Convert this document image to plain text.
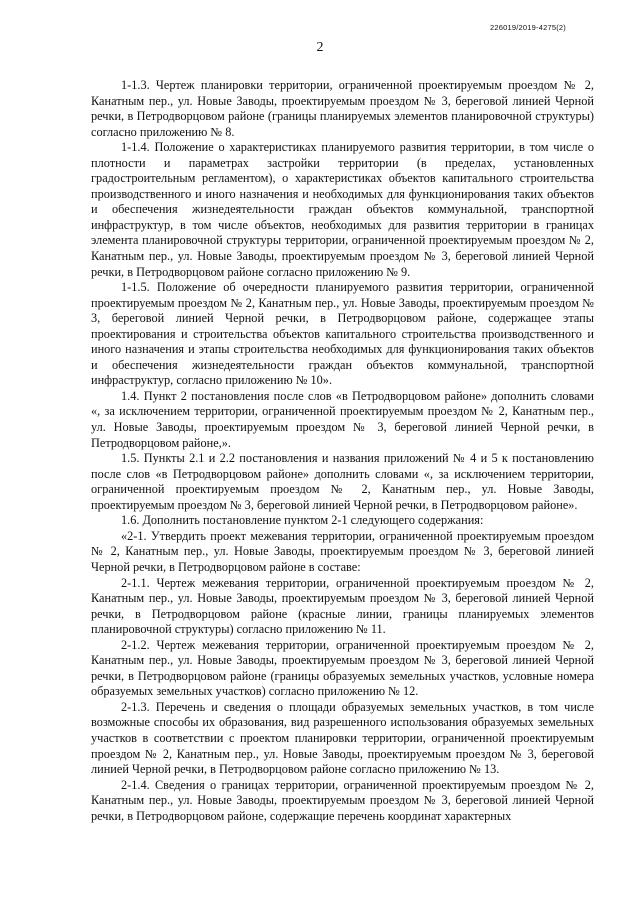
226019/2019-4275(2)
2

1-1.3. Чертеж планировки территории, ограниченной проектируемым проездом № 2, Канатным пер., ул. Новые Заводы, проектируемым проездом № 3, береговой линией Черной речки, в Петродворцовом районе (границы планируемых элементов планировочной структуры) согласно приложению № 8.

1-1.4. Положение о характеристиках планируемого развития территории, в том числе о плотности и параметрах застройки территории (в пределах, установленных градостроительным регламентом), о характеристиках объектов капитального строительства производственного и иного назначения и необходимых для функционирования таких объектов и обеспечения жизнедеятельности граждан объектов коммунальной, транспортной инфраструктур, в том числе объектов, необходимых для развития территории в границах элемента планировочной структуры территории, ограниченной проектируемым проездом № 2, Канатным пер., ул. Новые Заводы, проектируемым проездом № 3, береговой линией Черной речки, в Петродворцовом районе согласно приложению № 9.

1-1.5. Положение об очередности планируемого развития территории, ограниченной проектируемым проездом № 2, Канатным пер., ул. Новые Заводы, проектируемым проездом № 3, береговой линией Черной речки, в Петродворцовом районе, содержащее этапы проектирования и строительства объектов капитального строительства производственного и иного назначения и этапы строительства необходимых для функционирования таких объектов и обеспечения жизнедеятельности граждан объектов коммунальной, транспортной инфраструктур, согласно приложению № 10».

1.4. Пункт 2 постановления после слов «в Петродворцовом районе» дополнить словами «, за исключением территории, ограниченной проектируемым проездом № 2, Канатным пер., ул. Новые Заводы, проектируемым проездом № 3, береговой линией Черной речки, в Петродворцовом районе,».

1.5. Пункты 2.1 и 2.2 постановления и названия приложений № 4 и 5 к постановлению после слов «в Петродворцовом районе» дополнить словами «, за исключением территории, ограниченной проектируемым проездом № 2, Канатным пер., ул. Новые Заводы, проектируемым проездом № 3, береговой линией Черной речки, в Петродворцовом районе».

1.6. Дополнить постановление пунктом 2-1 следующего содержания:

«2-1. Утвердить проект межевания территории, ограниченной проектируемым проездом № 2, Канатным пер., ул. Новые Заводы, проектируемым проездом № 3, береговой линией Черной речки, в Петродворцовом районе в составе:

2-1.1. Чертеж межевания территории, ограниченной проектируемым проездом № 2, Канатным пер., ул. Новые Заводы, проектируемым проездом № 3, береговой линией Черной речки, в Петродворцовом районе (красные линии, границы планируемых элементов планировочной структуры) согласно приложению № 11.

2-1.2. Чертеж межевания территории, ограниченной проектируемым проездом № 2, Канатным пер., ул. Новые Заводы, проектируемым проездом № 3, береговой линией Черной речки, в Петродворцовом районе (границы образуемых земельных участков, условные номера образуемых земельных участков) согласно приложению № 12.

2-1.3. Перечень и сведения о площади образуемых земельных участков, в том числе возможные способы их образования, вид разрешенного использования образуемых земельных участков в соответствии с проектом планировки территории, ограниченной проектируемым проездом № 2, Канатным пер., ул. Новые Заводы, проектируемым проездом № 3, береговой линией Черной речки, в Петродворцовом районе согласно приложению № 13.

2-1.4. Сведения о границах территории, ограниченной проектируемым проездом № 2, Канатным пер., ул. Новые Заводы, проектируемым проездом № 3, береговой линией Черной речки, в Петродворцовом районе, содержащие перечень координат характерных
